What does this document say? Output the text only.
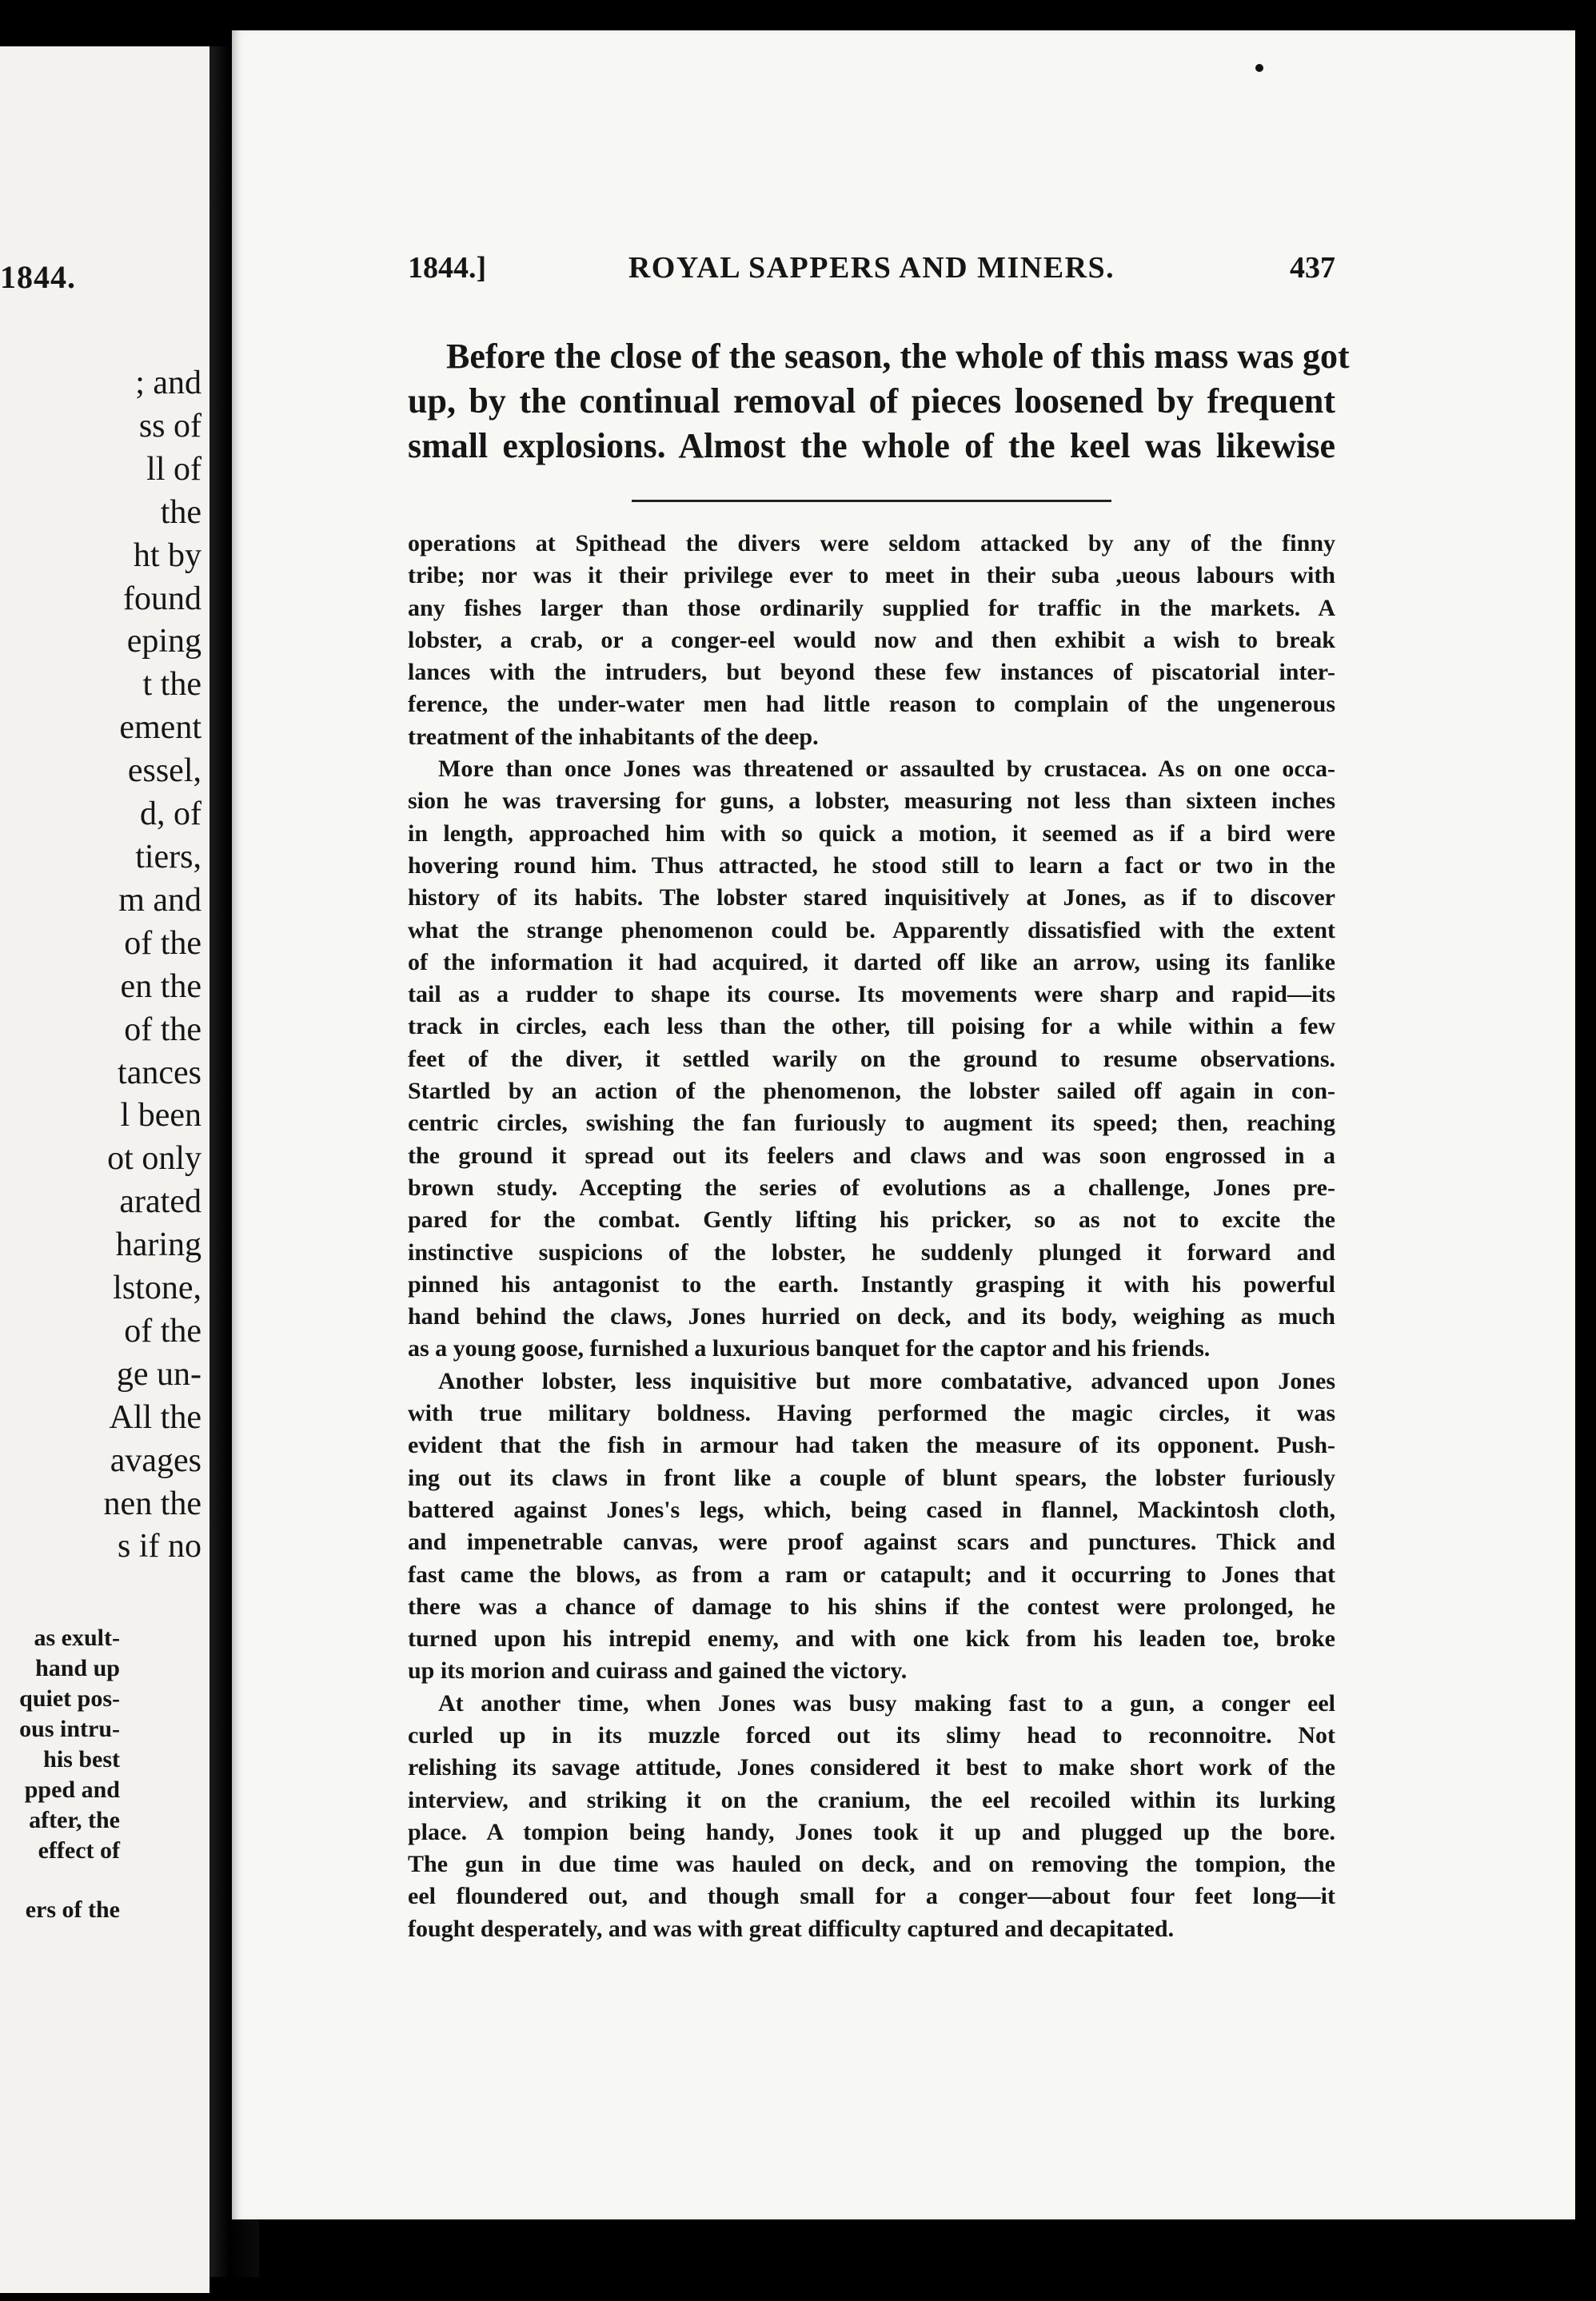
1844.
; and
ss of
ll of
the
ht by
found
eping
t the
ement
essel,
d, of
tiers,
m and
of the
en the
of the
tances
l been
ot only
arated
haring
lstone,
of the
ge un-
All the
avages
nen the
s if no
as exult-
hand up
quiet pos-
ous intru-
his best
pped and
after, the
effect of
ers of the
1844.]	ROYAL SAPPERS AND MINERS.	437
Before the close of the season, the whole of this mass was got
up, by the continual removal of pieces loosened by frequent
small explosions. Almost the whole of the keel was likewise
operations at Spithead the divers were seldom attacked by any of the finny
tribe; nor was it their privilege ever to meet in their suba ,ueous labours with
any fishes larger than those ordinarily supplied for traffic in the markets. A
lobster, a crab, or a conger-eel would now and then exhibit a wish to break
lances with the intruders, but beyond these few instances of piscatorial inter-
ference, the under-water men had little reason to complain of the ungenerous
treatment of the inhabitants of the deep.
More than once Jones was threatened or assaulted by crustacea. As on one occa-
sion he was traversing for guns, a lobster, measuring not less than sixteen inches
in length, approached him with so quick a motion, it seemed as if a bird were
hovering round him. Thus attracted, he stood still to learn a fact or two in the
history of its habits. The lobster stared inquisitively at Jones, as if to discover
what the strange phenomenon could be. Apparently dissatisfied with the extent
of the information it had acquired, it darted off like an arrow, using its fanlike
tail as a rudder to shape its course. Its movements were sharp and rapid—its
track in circles, each less than the other, till poising for a while within a few
feet of the diver, it settled warily on the ground to resume observations.
Startled by an action of the phenomenon, the lobster sailed off again in con-
centric circles, swishing the fan furiously to augment its speed; then, reaching
the ground it spread out its feelers and claws and was soon engrossed in a
brown study. Accepting the series of evolutions as a challenge, Jones pre-
pared for the combat. Gently lifting his pricker, so as not to excite the
instinctive suspicions of the lobster, he suddenly plunged it forward and
pinned his antagonist to the earth. Instantly grasping it with his powerful
hand behind the claws, Jones hurried on deck, and its body, weighing as much
as a young goose, furnished a luxurious banquet for the captor and his friends.
Another lobster, less inquisitive but more combatative, advanced upon Jones
with true military boldness. Having performed the magic circles, it was
evident that the fish in armour had taken the measure of its opponent. Push-
ing out its claws in front like a couple of blunt spears, the lobster furiously
battered against Jones's legs, which, being cased in flannel, Mackintosh cloth,
and impenetrable canvas, were proof against scars and punctures. Thick and
fast came the blows, as from a ram or catapult; and it occurring to Jones that
there was a chance of damage to his shins if the contest were prolonged, he
turned upon his intrepid enemy, and with one kick from his leaden toe, broke
up its morion and cuirass and gained the victory.
At another time, when Jones was busy making fast to a gun, a conger eel
curled up in its muzzle forced out its slimy head to reconnoitre. Not
relishing its savage attitude, Jones considered it best to make short work of the
interview, and striking it on the cranium, the eel recoiled within its lurking
place. A tompion being handy, Jones took it up and plugged up the bore.
The gun in due time was hauled on deck, and on removing the tompion, the
eel floundered out, and though small for a conger—about four feet long—it
fought desperately, and was with great difficulty captured and decapitated.
